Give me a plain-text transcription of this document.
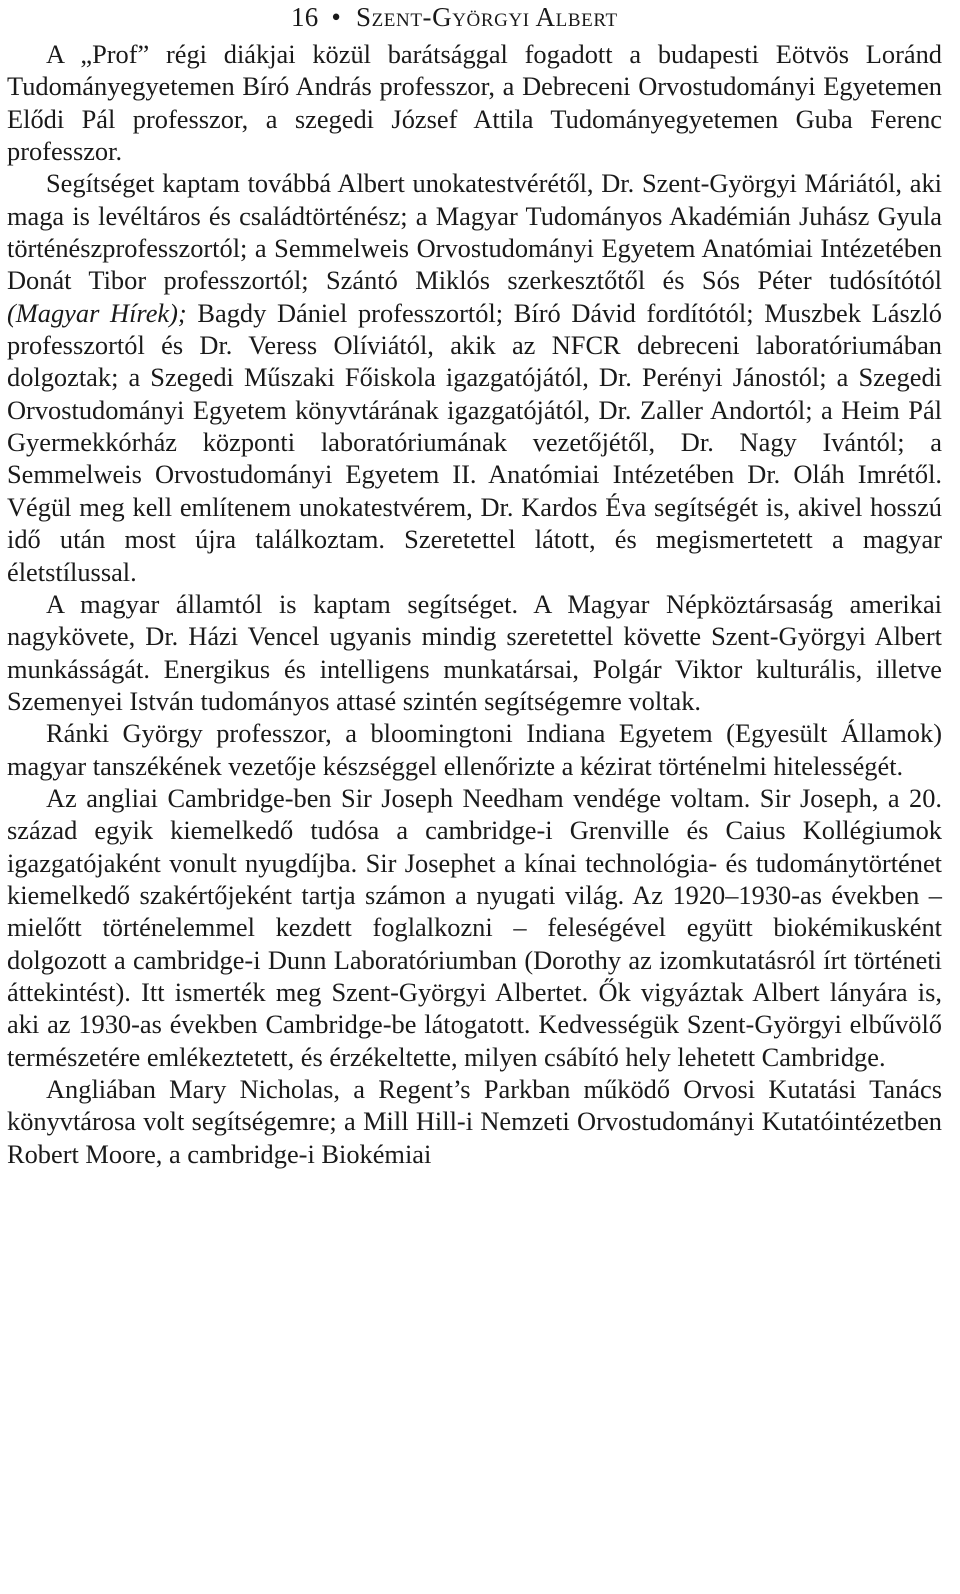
16 • Szent-Györgyi Albert

A „Prof” régi diákjai közül barátsággal fogadott a budapesti Eötvös Loránd Tudományegyetemen Bíró András professzor, a Debreceni Orvostudományi Egyetemen Elődi Pál professzor, a szegedi József Attila Tudományegyetemen Guba Ferenc professzor.

Segítséget kaptam továbbá Albert unokatestvérétől, Dr. Szent-Györgyi Máriától, aki maga is levéltáros és családtörténész; a Magyar Tudományos Akadémián Juhász Gyula történészprofesszortól; a Semmelweis Orvostudományi Egyetem Anatómiai Intézetében Donát Tibor professzortól; Szántó Miklós szerkesztőtől és Sós Péter tudósítótól (Magyar Hírek); Bagdy Dániel professzortól; Bíró Dávid fordítótól; Muszbek László professzortól és Dr. Veress Olíviától, akik az NFCR debreceni laboratóriumában dolgoztak; a Szegedi Műszaki Főiskola igazgatójától, Dr. Perényi Jánostól; a Szegedi Orvostudományi Egyetem könyvtárának igazgatójától, Dr. Zaller Andortól; a Heim Pál Gyermekkórház központi laboratóriumának vezetőjétől, Dr. Nagy Ivántól; a Semmelweis Orvostudományi Egyetem II. Anatómiai Intézetében Dr. Oláh Imrétől. Végül meg kell említenem unokatestvérem, Dr. Kardos Éva segítségét is, akivel hosszú idő után most újra találkoztam. Szeretettel látott, és megismertetett a magyar életstílussal.

A magyar államtól is kaptam segítséget. A Magyar Népköztársaság amerikai nagykövete, Dr. Házi Vencel ugyanis mindig szeretettel követte Szent-Györgyi Albert munkásságát. Energikus és intelligens munkatársai, Polgár Viktor kulturális, illetve Szemenyei István tudományos attasé szintén segítségemre voltak.

Ránki György professzor, a bloomingtoni Indiana Egyetem (Egyesült Államok) magyar tanszékének vezetője készséggel ellenőrizte a kézirat történelmi hitelességét.

Az angliai Cambridge-ben Sir Joseph Needham vendége voltam. Sir Joseph, a 20. század egyik kiemelkedő tudósa a cambridge-i Grenville és Caius Kollégiumok igazgatójaként vonult nyugdíjba. Sir Josephet a kínai technológia- és tudománytörténet kiemelkedő szakértőjeként tartja számon a nyugati világ. Az 1920–1930-as években – mielőtt történelemmel kezdett foglalkozni – feleségével együtt biokémikusként dolgozott a cambridge-i Dunn Laboratóriumban (Dorothy az izomkutatásról írt történeti áttekintést). Itt ismerték meg Szent-Györgyi Albertet. Ők vigyáztak Albert lányára is, aki az 1930-as években Cambridge-be látogatott. Kedvességük Szent-Györgyi elbűvölő természetére emlékeztetett, és érzékeltette, milyen csábító hely lehetett Cambridge.

Angliában Mary Nicholas, a Regent’s Parkban működő Orvosi Kutatási Tanács könyvtárosa volt segítségemre; a Mill Hill-i Nemzeti Orvostudományi Kutatóintézetben Robert Moore, a cambridge-i Biokémiai
